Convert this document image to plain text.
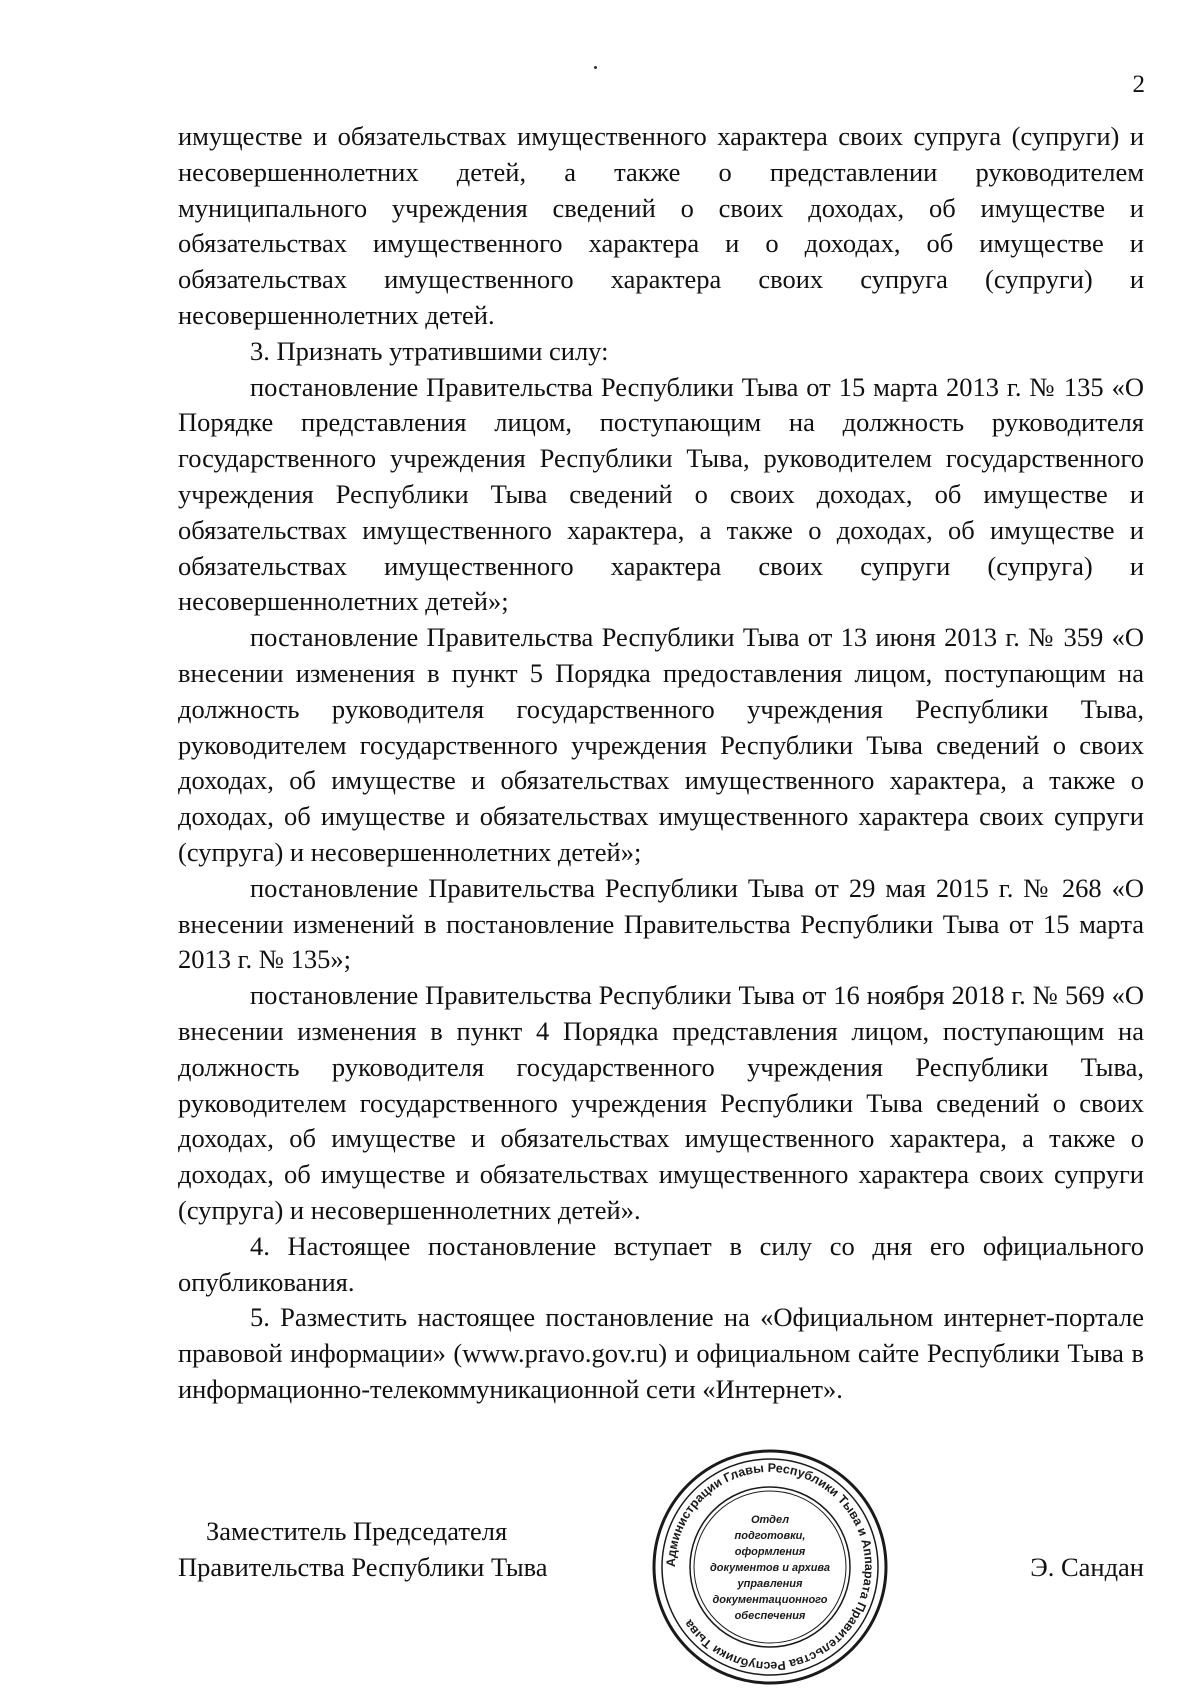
2

имуществе и обязательствах имущественного характера своих супруга (супруги) и несовершеннолетних детей, а также о представлении руководителем муниципального учреждения сведений о своих доходах, об имуществе и обязательствах имущественного характера и о доходах, об имуществе и обязательствах имущественного характера своих супруга (супруги) и несовершеннолетних детей.

3. Признать утратившими силу:

постановление Правительства Республики Тыва от 15 марта 2013 г. № 135 «О Порядке представления лицом, поступающим на должность руководителя государственного учреждения Республики Тыва, руководителем государственного учреждения Республики Тыва сведений о своих доходах, об имуществе и обязательствах имущественного характера, а также о доходах, об имуществе и обязательствах имущественного характера своих супруги (супруга) и несовершеннолетних детей»;

постановление Правительства Республики Тыва от 13 июня 2013 г. № 359 «О внесении изменения в пункт 5 Порядка предоставления лицом, поступающим на должность руководителя государственного учреждения Республики Тыва, руководителем государственного учреждения Республики Тыва сведений о своих доходах, об имуществе и обязательствах имущественного характера, а также о доходах, об имуществе и обязательствах имущественного характера своих супруги (супруга) и несовершеннолетних детей»;

постановление Правительства Республики Тыва от 29 мая 2015 г. № 268 «О внесении изменений в постановление Правительства Республики Тыва от 15 марта 2013 г. № 135»;

постановление Правительства Республики Тыва от 16 ноября 2018 г. № 569 «О внесении изменения в пункт 4 Порядка представления лицом, поступающим на должность руководителя государственного учреждения Республики Тыва, руководителем государственного учреждения Республики Тыва сведений о своих доходах, об имуществе и обязательствах имущественного характера, а также о доходах, об имуществе и обязательствах имущественного характера своих супруги (супруга) и несовершеннолетних детей».

4. Настоящее постановление вступает в силу со дня его официального опубликования.

5. Разместить настоящее постановление на «Официальном интернет-портале правовой информации» (www.pravo.gov.ru) и официальном сайте Республики Тыва в информационно-телекоммуникационной сети «Интернет».

Заместитель Председателя
Правительства Республики Тыва	Э. Сандан
Администрации Главы Республики Тыва и Аппарата Правительства Республики Тыва
Отдел
подготовки,
оформления
документов и архива
управления
документационного
обеспечения
